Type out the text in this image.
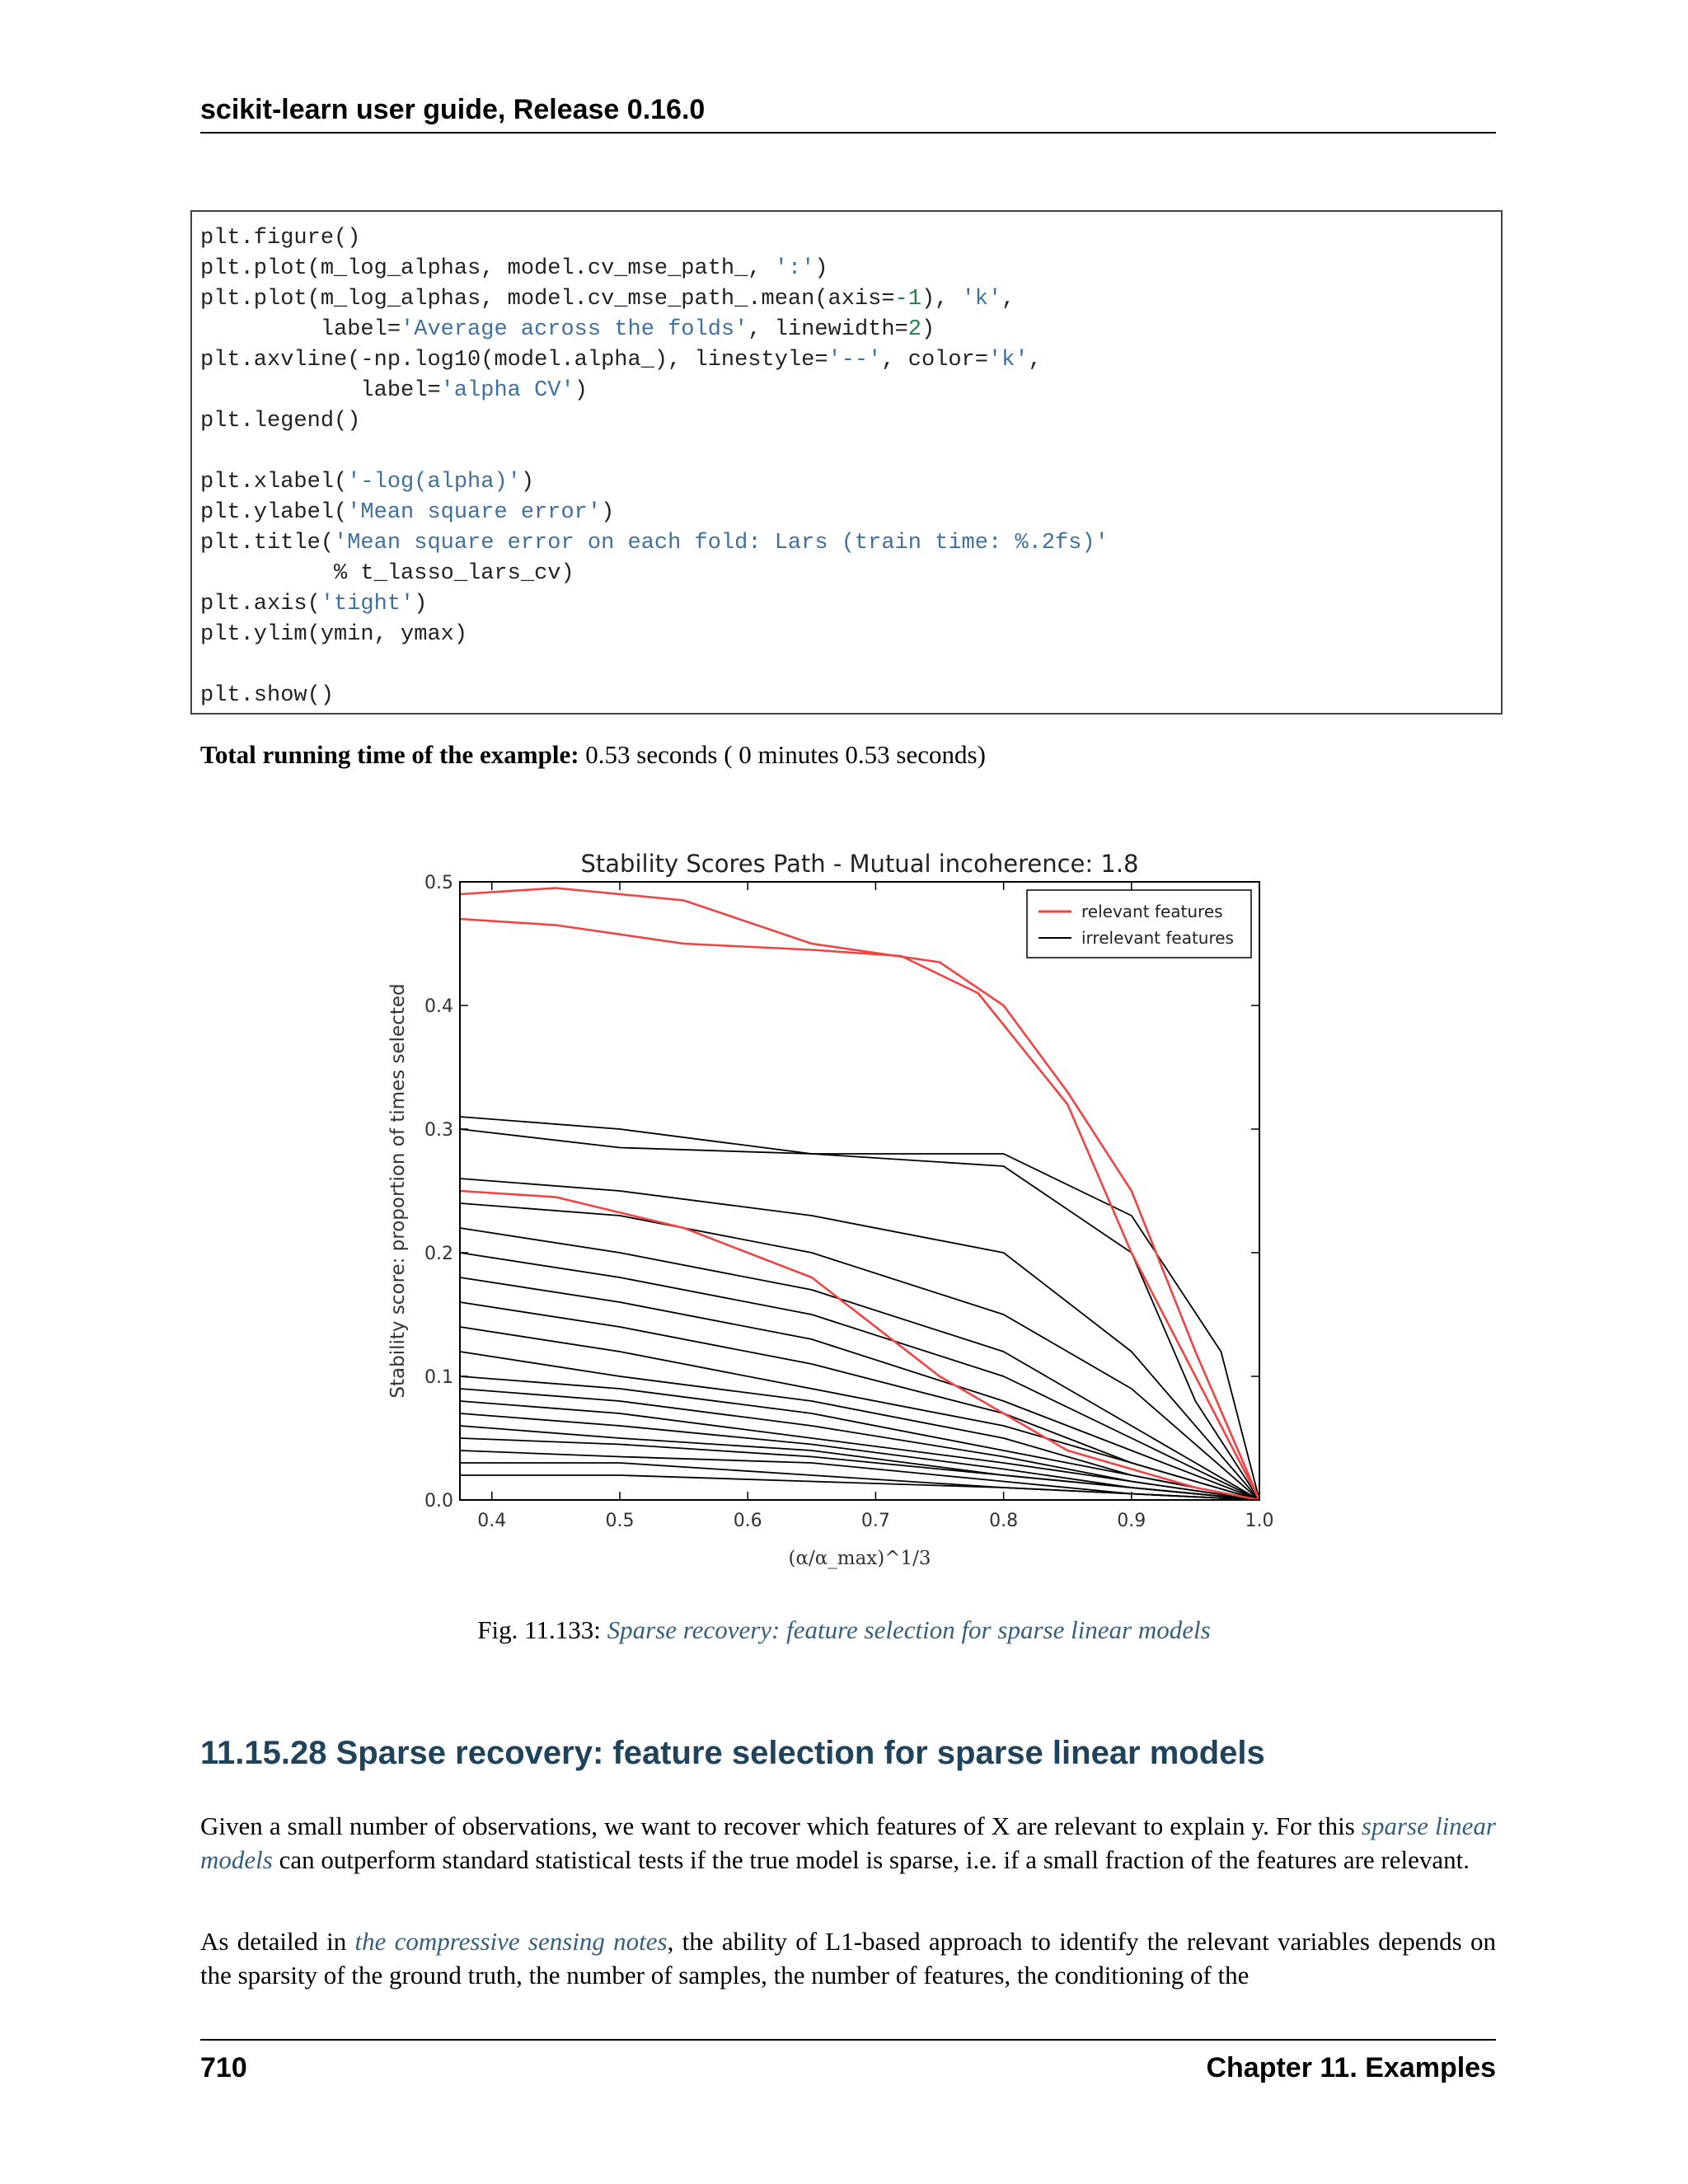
scikit-learn user guide, Release 0.16.0
plt.figure()
plt.plot(m_log_alphas, model.cv_mse_path_, ':')
plt.plot(m_log_alphas, model.cv_mse_path_.mean(axis=-1), 'k',
label='Average across the folds', linewidth=2)
plt.axvline(-np.log10(model.alpha_), linestyle='--', color='k',
label='alpha CV')
plt.legend()
plt.xlabel('-log(alpha)')
plt.ylabel('Mean square error')
plt.title('Mean square error on each fold: Lars (train time: %.2fs)'
% t_lasso_lars_cv)
plt.axis('tight')
plt.ylim(ymin, ymax)
plt.show()
Total running time of the example: 0.53 seconds ( 0 minutes 0.53 seconds)
0.4	0.5	0.6	0.7	0.8	0.9	1.0
0.0
0.1
0.2
0.3
0.4
0.5
Stability Scores Path - Mutual incoherence: 1.8
Stability score: proportion of times selected
(α/α_max)^1/3
relevant features
irrelevant features
Fig. 11.133: Sparse recovery: feature selection for sparse linear models
11.15.28 Sparse recovery: feature selection for sparse linear models
Given a small number of observations, we want to recover which features of X are relevant to explain y. For this sparse linear models can outperform standard statistical tests if the true model is sparse, i.e. if a small fraction of the features are relevant.
As detailed in the compressive sensing notes, the ability of L1-based approach to identify the relevant variables depends on the sparsity of the ground truth, the number of samples, the number of features, the conditioning of the
710	Chapter 11. Examples
